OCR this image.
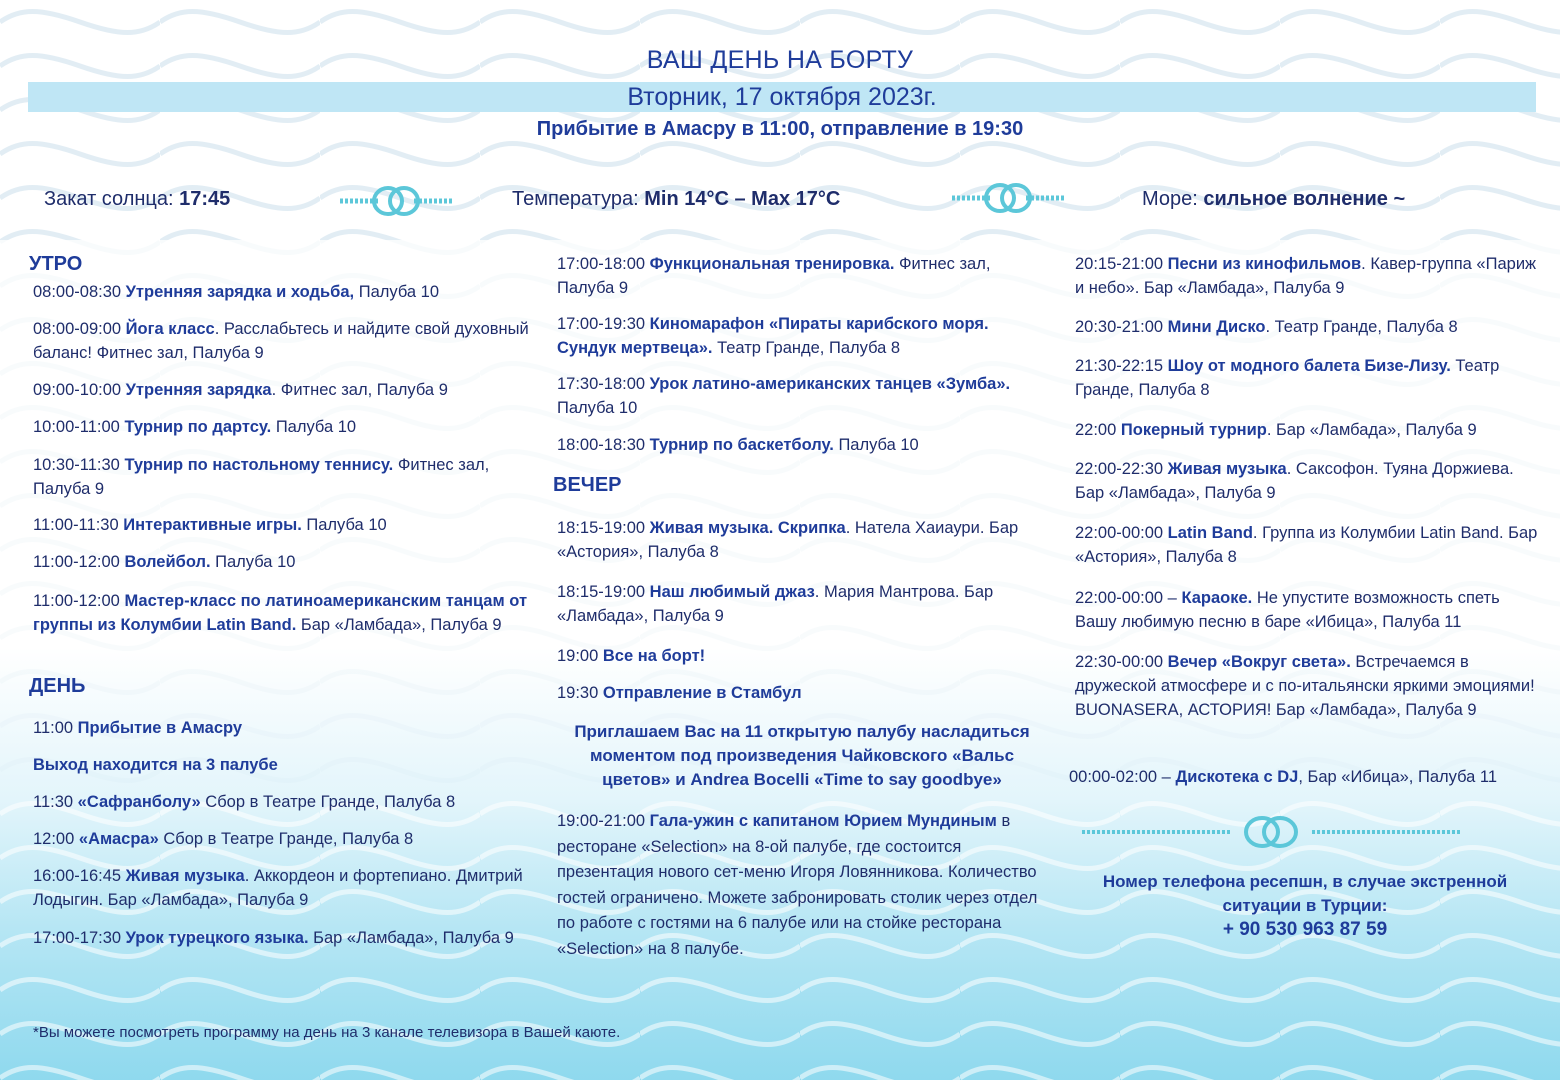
ВАШ ДЕНЬ НА БОРТУ
Вторник, 17 октября 2023г.
Прибытие в Амасру в 11:00, отправление в 19:30
Закат солнца: 17:45	Температура: Min 14°C – Max 17°C	Море: сильное волнение ~
УТРО
08:00-08:30 Утренняя зарядка и ходьба, Палуба 10
08:00-09:00 Йога класс. Расслабьтесь и найдите свой духовный баланс! Фитнес зал, Палуба 9
09:00-10:00 Утренняя зарядка. Фитнес зал, Палуба 9
10:00-11:00 Турнир по дартсу. Палуба 10
10:30-11:30 Турнир по настольному теннису. Фитнес зал, Палуба 9
11:00-11:30 Интерактивные игры. Палуба 10
11:00-12:00 Волейбол. Палуба 10
11:00-12:00 Мастер-класс по латиноамериканским танцам от группы из Колумбии Latin Band. Бар «Ламбада», Палуба 9
ДЕНЬ
11:00 Прибытие в Амасру
Выход находится на 3 палубе
11:30 «Сафранболу» Сбор в Театре Гранде, Палуба 8
12:00 «Амасра» Сбор в Театре Гранде, Палуба 8
16:00-16:45 Живая музыка. Аккордеон и фортепиано. Дмитрий Лодыгин. Бар «Ламбада», Палуба 9
17:00-17:30 Урок турецкого языка. Бар «Ламбада», Палуба 9
17:00-18:00 Функциональная тренировка. Фитнес зал, Палуба 9
17:00-19:30 Киномарафон «Пираты карибского моря. Сундук мертвеца». Театр Гранде, Палуба 8
17:30-18:00 Урок латино-американских танцев «Зумба». Палуба 10
18:00-18:30 Турнир по баскетболу. Палуба 10
ВЕЧЕР
18:15-19:00 Живая музыка. Скрипка. Натела Хаиаури. Бар «Астория», Палуба 8
18:15-19:00 Наш любимый джаз. Мария Мантрова. Бар «Ламбада», Палуба 9
19:00 Все на борт!
19:30 Отправление в Стамбул
Приглашаем Вас на 11 открытую палубу насладиться моментом под произведения Чайковского «Вальс цветов» и Andrea Bocelli «Time to say goodbye»
19:00-21:00 Гала-ужин с капитаном Юрием Мундиным в ресторане «Selection» на 8-ой палубе, где состоится презентация нового сет-меню Игоря Ловянникова. Количество гостей ограничено. Можете забронировать столик через отдел по работе с гостями на 6 палубе или на стойке ресторана «Selection» на 8 палубе.
20:15-21:00 Песни из кинофильмов. Кавер-группа «Париж и небо». Бар «Ламбада», Палуба 9
20:30-21:00 Мини Диско. Театр Гранде, Палуба 8
21:30-22:15 Шоу от модного балета Бизе-Лизу. Театр Гранде, Палуба 8
22:00 Покерный турнир. Бар «Ламбада», Палуба 9
22:00-22:30 Живая музыка. Саксофон. Туяна Доржиева. Бар «Ламбада», Палуба 9
22:00-00:00 Latin Band. Группа из Колумбии Latin Band. Бар «Астория», Палуба 8
22:00-00:00 – Караоке. Не упустите возможность спеть Вашу любимую песню в баре «Ибица», Палуба 11
22:30-00:00 Вечер «Вокруг света». Встречаемся в дружеской атмосфере и с по-итальянски яркими эмоциями! BUONASERA, АСТОРИЯ! Бар «Ламбада», Палуба 9
00:00-02:00 – Дискотека с DJ, Бар «Ибица», Палуба 11
Номер телефона ресепшн, в случае экстренной ситуации в Турции:
+ 90 530 963 87 59
*Вы можете посмотреть программу на день на 3 канале телевизора в Вашей каюте.
